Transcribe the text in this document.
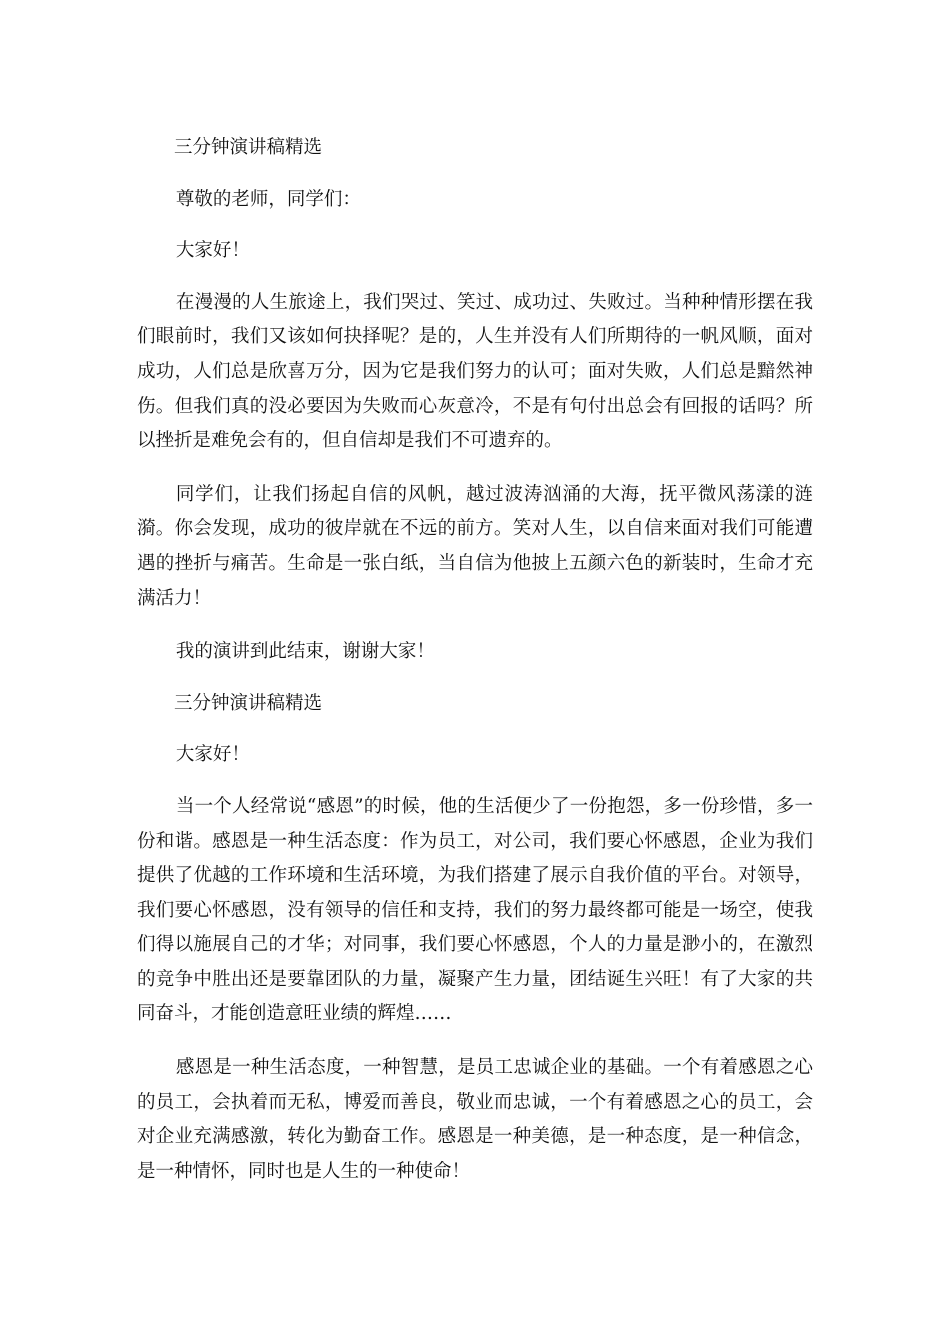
三分钟演讲稿精选

尊敬的老师，同学们：

大家好！

在漫漫的人生旅途上，我们哭过、笑过、成功过、失败过。当种种情形摆在我们眼前时，我们又该如何抉择呢？是的，人生并没有人们所期待的一帆风顺，面对成功，人们总是欣喜万分，因为它是我们努力的认可；面对失败，人们总是黯然神伤。但我们真的没必要因为失败而心灰意冷，不是有句付出总会有回报的话吗？所以挫折是难免会有的，但自信却是我们不可遗弃的。

同学们，让我们扬起自信的风帆，越过波涛汹涌的大海，抚平微风荡漾的涟漪。你会发现，成功的彼岸就在不远的前方。笑对人生，以自信来面对我们可能遭遇的挫折与痛苦。生命是一张白纸，当自信为他披上五颜六色的新装时，生命才充满活力！

我的演讲到此结束，谢谢大家！

三分钟演讲稿精选

大家好！

当一个人经常说“感恩”的时候，他的生活便少了一份抱怨，多一份珍惜，多一份和谐。感恩是一种生活态度：作为员工，对公司，我们要心怀感恩，企业为我们提供了优越的工作环境和生活环境，为我们搭建了展示自我价值的平台。对领导，我们要心怀感恩，没有领导的信任和支持，我们的努力最终都可能是一场空，使我们得以施展自己的才华；对同事，我们要心怀感恩，个人的力量是渺小的，在激烈的竞争中胜出还是要靠团队的力量，凝聚产生力量，团结诞生兴旺！有了大家的共同奋斗，才能创造意旺业绩的辉煌……

感恩是一种生活态度，一种智慧，是员工忠诚企业的基础。一个有着感恩之心的员工，会执着而无私，博爱而善良，敬业而忠诚，一个有着感恩之心的员工，会对企业充满感激，转化为勤奋工作。感恩是一种美德，是一种态度，是一种信念，是一种情怀，同时也是人生的一种使命！
